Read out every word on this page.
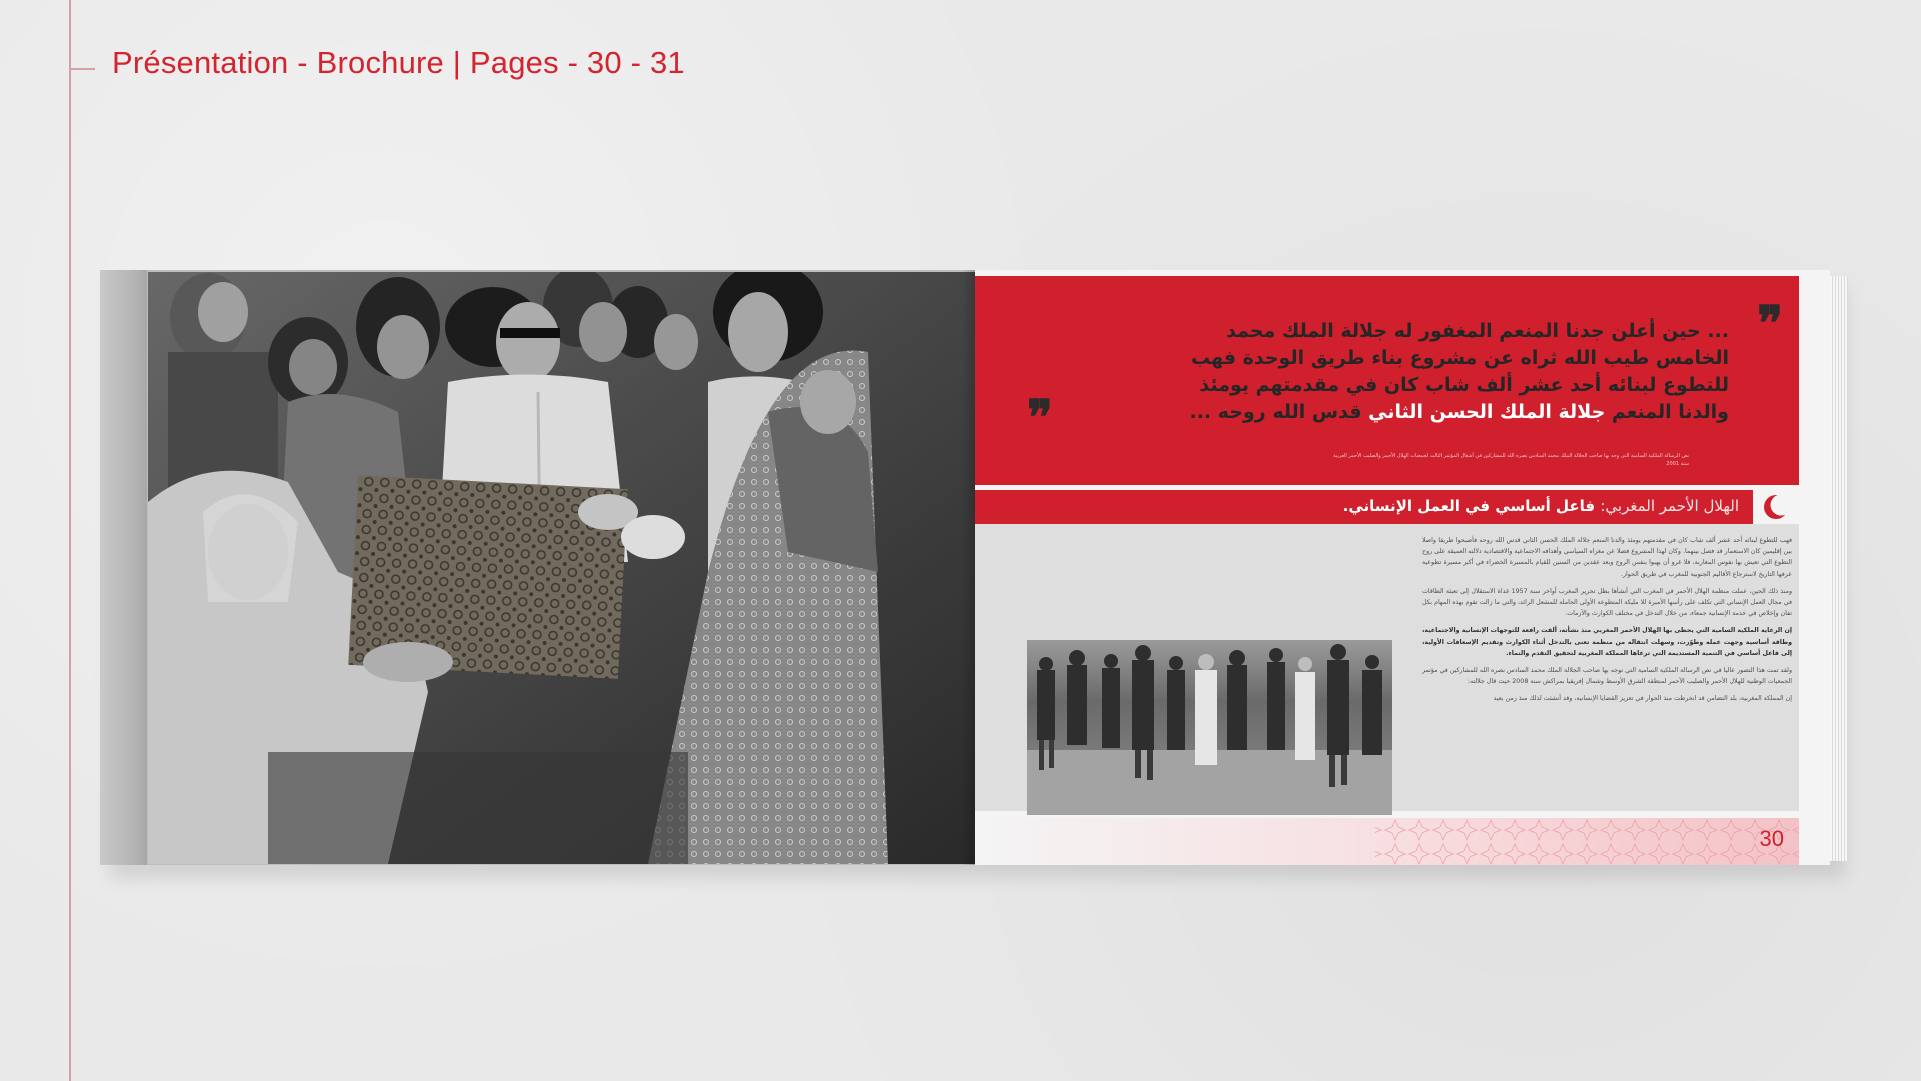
Présentation - Brochure | Pages - 30 - 31
❞

... حين أعلن جدنا المنعم المغفور له جلالة الملك محمد
الخامس طيب الله ثراه عن مشروع بناء طريق الوحدة فهب
للتطوع لبنائه أحد عشر ألف شاب كان في مقدمتهم يومئذ
والدنا المنعم جلالة الملك الحسن الثاني قدس الله روحه ...

❞

نص الرسالة الملكية السامية التي وجه بها صاحب الجلالة الملك محمد السادس نصره الله للمشاركين في أشغال المؤتمر الثالث لجمعيات الهلال الأحمر والصليب الأحمر العربية سنة 2001

الهلال الأحمر المغربي: فاعل أساسي في العمل الإنساني.

فهب للتطوع لبنائه أحد عشر ألف شاب كان في مقدمتهم يومئذ والدنا المنعم جلالة الملك الحسن الثاني قدس الله روحه فأصبحوا طريقا واصلا بين إقليمين كان الاستعمار قد فصل بينهما. وكان لهذا المشروع فضلا عن مغزاه السياسي وأهدافه الاجتماعية والاقتصادية دلالته العميقة على روح التطوع التي تعيش بها نفوس المغاربة، فلا غرو أن يهبوا بنفس الروح وبعد عقدين من السنين للقيام بالمسيرة الخضراء في أكبر مسيرة تطوعية عرفها التاريخ لاسترجاع الأقاليم الجنوبية للمغرب في طريق الحوار.

ومنذ ذلك الحين، عملت منظمة الهلال الأحمر في المغرب التي أنشأها بطل تحرير المغرب أواخر سنة 1957 غداة الاستقلال إلى تعبئة الطاقات في مجال العمل الإنساني التي تكلف على رأسها الأميرة للا مليكة المتطوعة الأولى الحاملة للمشعل الرائد، والتي ما زالت تقوم بهذه المهام بكل تفان وإخلاص في خدمة الإنسانية جمعاء، من خلال التدخل في مختلف الكوارث والأزمات.

إن الرعاية الملكية السامية التي يحظى بها الهلال الأحمر المغربي منذ نشأته، ألقت رافعة للتوجهات الإنسانية والاجتماعية، وطاقة أساسية وجهت عمله وطوّرت، وسهلت انتقاله من منظمة تعنى بالتدخل أثناء الكوارث وتقديم الإسعافات الأولية، إلى فاعل أساسي في التنمية المستديمة التي ترعاها المملكة المغربية لتحقيق التقدم والنماء.

ولقد تمت هذا التصور عاليا في نص الرسالة الملكية السامية التي توجه بها صاحب الجلالة الملك محمد السادس نصره الله للمشاركين في مؤتمر الجمعيات الوطنية للهلال الأحمر والصليب الأحمر لمنطقة الشرق الأوسط وشمال إفريقيا بمراكش سنة 2008 حيث قال جلالته:

إن المملكة المغربية، بلد التضامن قد انخرطت منذ الحوار في تعزيز القضايا الإنسانية، وقد أنشئت لذلك منذ زمن بعيد

30
